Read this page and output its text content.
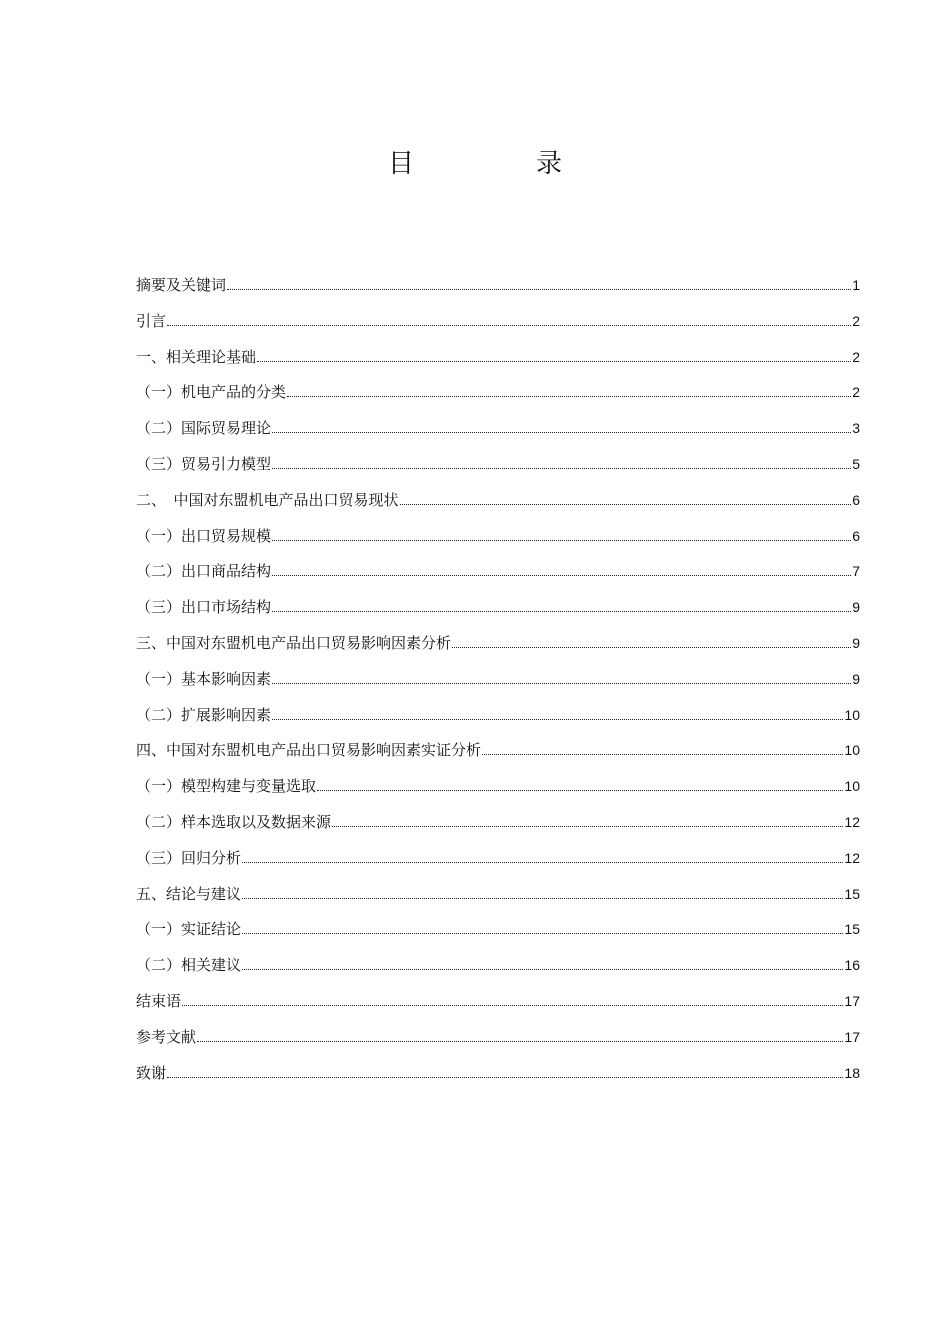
目　录
摘要及关键词	1
引言	2
一、相关理论基础	2
（一）机电产品的分类	2
（二）国际贸易理论	3
（三）贸易引力模型	5
二、　中国对东盟机电产品出口贸易现状	6
（一）出口贸易规模	6
（二）出口商品结构	7
（三）出口市场结构	9
三、中国对东盟机电产品出口贸易影响因素分析	9
（一）基本影响因素	9
（二）扩展影响因素	10
四、中国对东盟机电产品出口贸易影响因素实证分析	10
（一）模型构建与变量选取	10
（二）样本选取以及数据来源	12
（三）回归分析	12
五、结论与建议	15
（一）实证结论	15
（二）相关建议	16
结束语	17
参考文献	17
致谢	18
